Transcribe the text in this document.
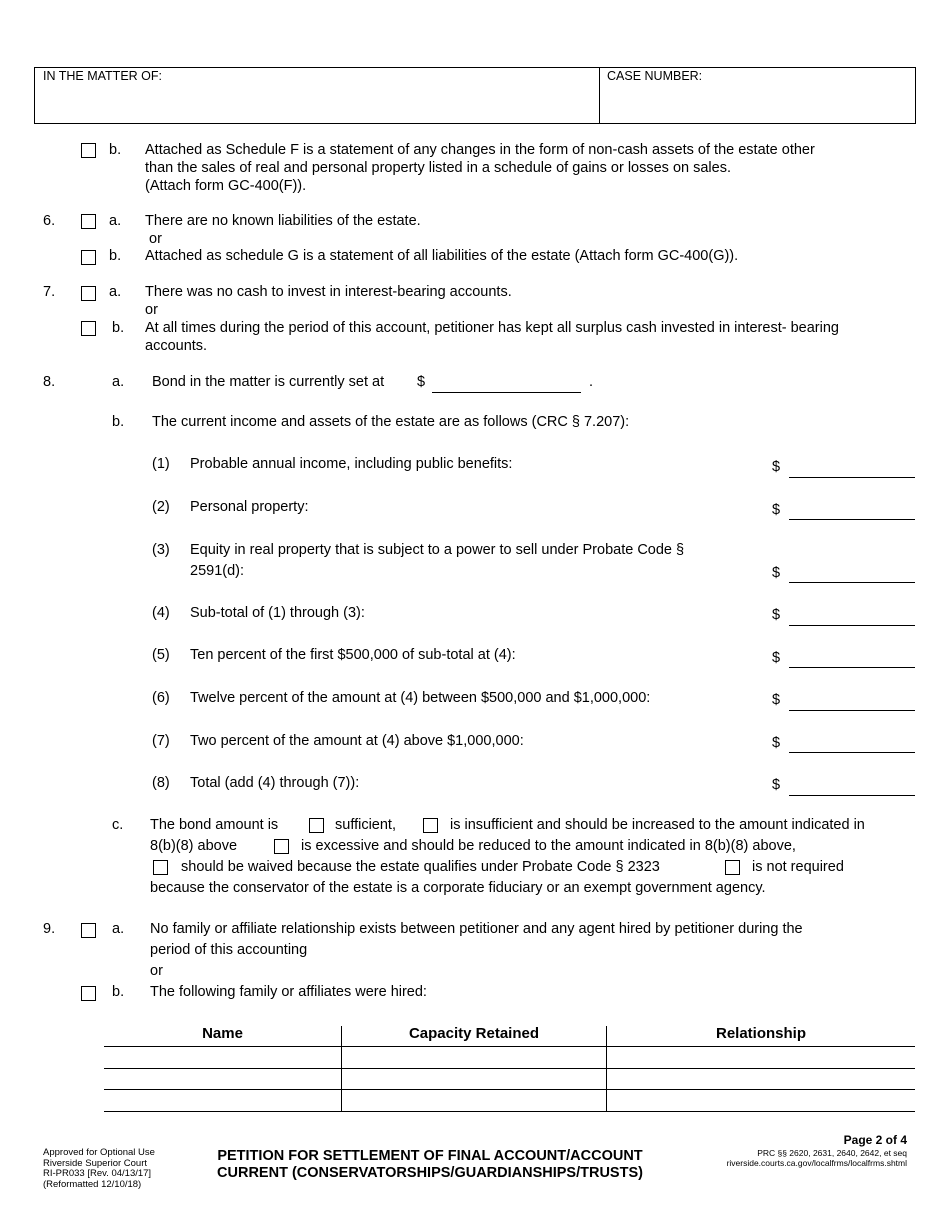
IN THE MATTER OF:	CASE NUMBER:
b. Attached as Schedule F is a statement of any changes in the form of non-cash assets of the estate other
than the sales of real and personal property listed in a schedule of gains or losses on sales.
(Attach form GC-400(F)).
6.	a. There are no known liabilities of the estate.
or
b. Attached as schedule G is a statement of all liabilities of the estate (Attach form GC-400(G)).
7.	a. There was no cash to invest in interest-bearing accounts.
or
b. At all times during the period of this account, petitioner has kept all surplus cash invested in interest- bearing
accounts.
8.	a. Bond in the matter is currently set at $	.
b. The current income and assets of the estate are as follows (CRC § 7.207):
(1) Probable annual income, including public benefits:	$
(2) Personal property:	$
(3) Equity in real property that is subject to a power to sell under Probate Code §
2591(d):	$
(4) Sub-total of (1) through (3):	$
(5) Ten percent of the first $500,000 of sub-total at (4):	$
(6) Twelve percent of the amount at (4) between $500,000 and $1,000,000:	$
(7) Two percent of the amount at (4) above $1,000,000:	$
(8) Total (add (4) through (7)):	$
c. The bond amount is	sufficient,	is insufficient and should be increased to the amount indicated in
8(b)(8) above	is excessive and should be reduced to the amount indicated in 8(b)(8) above,
should be waived because the estate qualifies under Probate Code § 2323	is not required
because the conservator of the estate is a corporate fiduciary or an exempt government agency.
9.	a. No family or affiliate relationship exists between petitioner and any agent hired by petitioner during the
period of this accounting
or
b. The following family or affiliates were hired:
Name	Capacity Retained	Relationship
Page 2 of 4
Approved for Optional Use
Riverside Superior Court
RI-PR033 [Rev. 04/13/17]
(Reformatted 12/10/18)
PETITION FOR SETTLEMENT OF FINAL ACCOUNT/ACCOUNT
CURRENT (CONSERVATORSHIPS/GUARDIANSHIPS/TRUSTS)
PRC §§ 2620, 2631, 2640, 2642, et seq
riverside.courts.ca.gov/localfrms/localfrms.shtml
